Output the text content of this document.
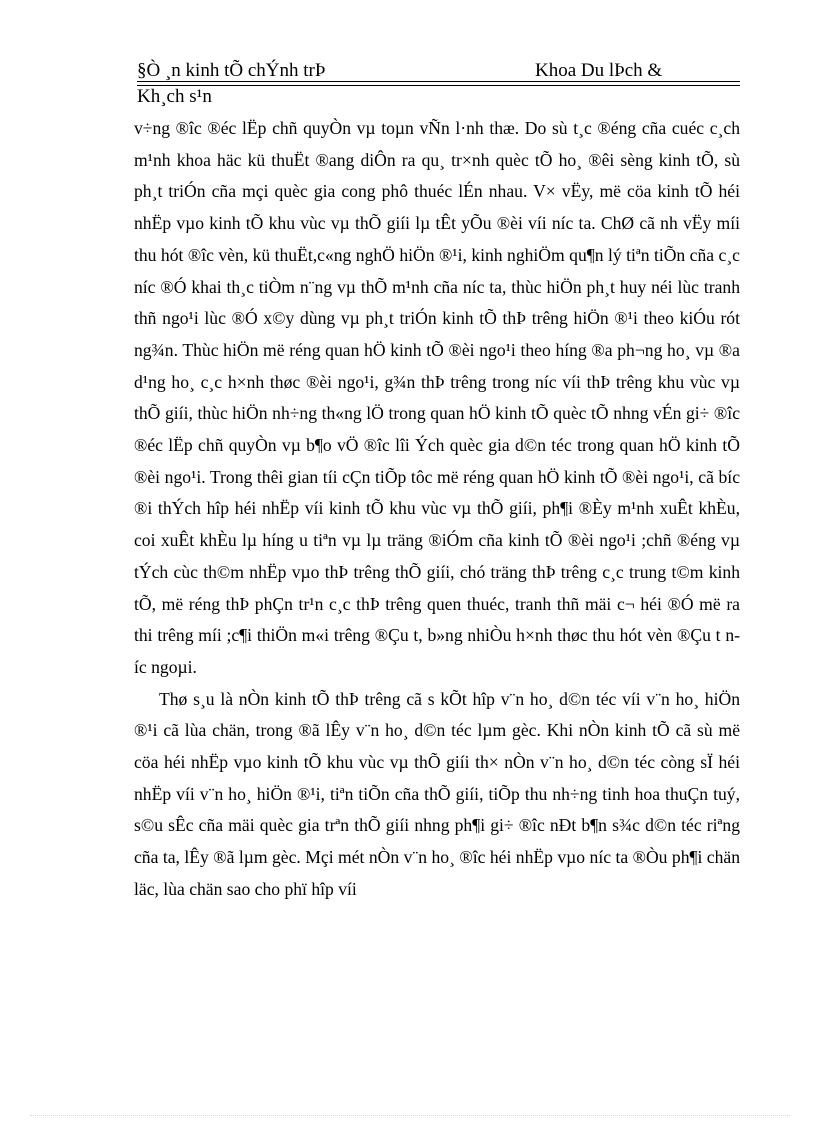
§Ò ¸n kinh tÕ chÝnh trÞ	Khoa Du lÞch &
Kh¸ch s¹n

v÷ng ®îc ®éc lËp chñ quyÒn vµ toµn vÑn l·nh thæ. Do sù t¸c ®éng cña cuéc c¸ch m¹nh khoa häc kü thuËt ®ang diÔn ra qu¸ tr×nh quèc tÕ ho¸ ®êi sèng kinh tÕ, sù ph¸t triÓn cña mçi quèc gia cong phô thuéc lÉn nhau. V× vËy, më cöa kinh tÕ héi nhËp vµo kinh tÕ khu vùc vµ thÕ giíi lµ tÊt yÕu ®èi víi níc ta. ChØ cã nh vËy míi thu hót ®îc vèn, kü thuËt,c«ng nghÖ hiÖn ®¹i, kinh nghiÖm qu¶n lý tiªn tiÕn cña c¸c níc ®Ó khai th¸c tiÒm n¨ng vµ thÕ m¹nh cña níc ta, thùc hiÖn ph¸t huy néi lùc tranh thñ ngo¹i lùc ®Ó x©y dùng vµ ph¸t triÓn kinh tÕ thÞ trêng hiÖn ®¹i theo kiÓu rót ng¾n. Thùc hiÖn më réng quan hÖ kinh tÕ ®èi ngo¹i theo híng ®a ph¬ng ho¸ vµ ®a d¹ng ho¸ c¸c h×nh thøc ®èi ngo¹i, g¾n thÞ trêng trong níc víi thÞ trêng khu vùc vµ thÕ giíi, thùc hiÖn nh÷ng th«ng lÖ trong quan hÖ kinh tÕ quèc tÕ nhng vÉn gi÷ ®îc ®éc lËp chñ quyÒn vµ b¶o vÖ ®îc lîi Ých quèc gia d©n téc trong quan hÖ kinh tÕ ®èi ngo¹i. Trong thêi gian tíi cÇn tiÕp tôc më réng quan hÖ kinh tÕ ®èi ngo¹i, cã bíc ®i thÝch hîp héi nhËp víi kinh tÕ khu vùc vµ thÕ giíi, ph¶i ®Èy m¹nh xuÊt khÈu, coi xuÊt khÈu lµ híng u tiªn vµ lµ träng ®iÓm cña kinh tÕ ®èi ngo¹i ;chñ ®éng vµ tÝch cùc th©m nhËp vµo thÞ trêng thÕ giíi, chó träng thÞ trêng c¸c trung t©m kinh tÕ, më réng thÞ phÇn tr¹n c¸c thÞ trêng quen thuéc, tranh thñ mäi c¬ héi ®Ó më ra thi trêng míi ;c¶i thiÖn m«i trêng ®Çu t, b»ng nhiÒu h×nh thøc thu hót vèn ®Çu t níc ngoµi.

Thø s¸u là nÒn kinh tÕ thÞ trêng cã s kÕt hîp v¨n ho¸ d©n téc víi v¨n ho¸ hiÖn ®¹i cã lùa chän, trong ®ã lÊy v¨n ho¸ d©n téc lµm gèc. Khi nÒn kinh tÕ cã sù më cöa héi nhËp vµo kinh tÕ khu vùc vµ thÕ giíi th× nÒn v¨n ho¸ d©n téc còng sÏ héi nhËp víi v¨n ho¸ hiÖn ®¹i, tiªn tiÕn cña thÕ giíi, tiÕp thu nh÷ng tinh hoa thuÇn tuý, s©u sÊc cña mäi quèc gia trªn thÕ giíi nhng ph¶i gi÷ ®îc nÐt b¶n s¾c d©n téc riªng cña ta, lÊy ®ã lµm gèc. Mçi mét nÒn v¨n ho¸ ®îc héi nhËp vµo níc ta ®Òu ph¶i chän läc, lùa chän sao cho phï hîp víi
